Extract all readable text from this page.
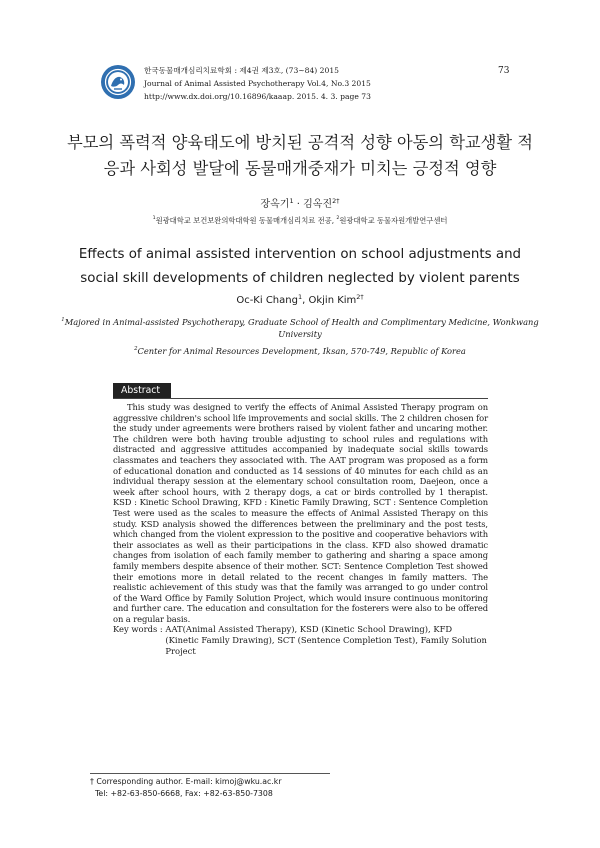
한국동물매개심리치료학회 : 제4권 제3호, (73~84) 2015
Journal of Animal Assisted Psychotherapy Vol.4, No.3 2015
http://www.dx.doi.org/10.16896/kaaap. 2015. 4. 3. page 73
73
부모의 폭력적 양육태도에 방치된 공격적 성향 아동의 학교생활 적응과 사회성 발달에 동물매개중재가 미치는 긍정적 영향
장옥기$^1$ · 김옥진$^{2\dagger}$
$^1$원광대학교 보건보완의학대학원 동물매개심리치료 전공, $^2$원광대학교 동물자원개발연구센터
Effects of animal assisted intervention on school adjustments and social skill developments of children neglected by violent parents
Oc-Ki Chang$^1$, Okjin Kim$^{2\dagger}$
$^1$Majored in Animal-assisted Psychotherapy, Graduate School of Health and Complimentary Medicine, Wonkwang University
$^2$Center for Animal Resources Development, Iksan, 570-749, Republic of Korea
Abstract

This study was designed to verify the effects of Animal Assisted Therapy program on aggressive children's school life improvements and social skills. The 2 children chosen for the study under agreements were brothers raised by violent father and uncaring mother. The children were both having trouble adjusting to school rules and regulations with distracted and aggressive attitudes accompanied by inadequate social skills towards classmates and teachers they associated with. The AAT program was proposed as a form of educational donation and conducted as 14 sessions of 40 minutes for each child as an individual therapy session at the elementary school consultation room, Daejeon, once a week after school hours, with 2 therapy dogs, a cat or birds controlled by 1 therapist. KSD : Kinetic School Drawing, KFD : Kinetic Family Drawing, SCT : Sentence Completion Test were used as the scales to measure the effects of Animal Assisted Therapy on this study. KSD analysis showed the differences between the preliminary and the post tests, which changed from the violent expression to the positive and cooperative behaviors with their associates as well as their participations in the class. KFD also showed dramatic changes from isolation of each family member to gathering and sharing a space among family members despite absence of their mother. SCT: Sentence Completion Test showed their emotions more in detail related to the recent changes in family matters. The realistic achievement of this study was that the family was arranged to go under control of the Ward Office by Family Solution Project, which would insure continuous monitoring and further care. The education and consultation for the fosterers were also to be offered on a regular basis.

Key words : AAT(Animal Assisted Therapy), KSD (Kinetic School Drawing), KFD (Kinetic Family Drawing), SCT (Sentence Completion Test), Family Solution Project
† Corresponding author. E-mail: kimoj@wku.ac.kr
Tel: +82-63-850-6668, Fax: +82-63-850-7308
